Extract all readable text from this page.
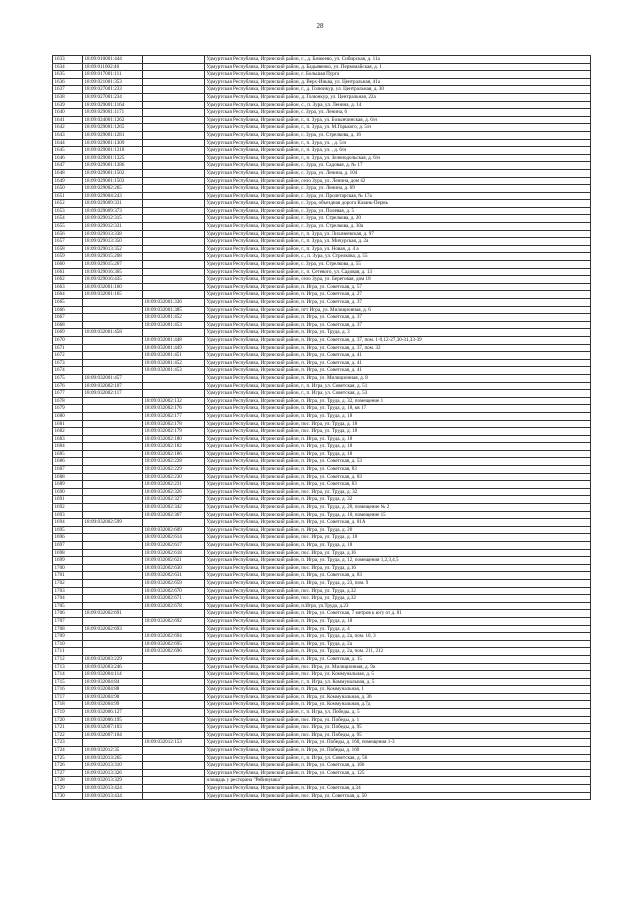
28
1633	18:09:010001:444		Удмуртская Республика, Игринский район, с., д. Бачкеево, ул. Сибирская, д. 11а
1634	18:09:011002:40		Удмуртская Республика, Игринский район, д. Бадьявенко, ул. Первомайская, д. 1
1635	18:09:017001:111		Удмуртская Республика, Игринский район, с. Большая Пурга
1636	18:09:021001:353		Удмуртская Республика, Игринский район, д. Верх-Иньва, ул. Центральная, 41а
1637	18:09:027001:233		Удмуртская Республика, Игринский район, г., д. Голюнкур, ул. Центральная, д. 30
1638	18:09:027001:234		Удмуртская Республика, Игринский район, д. Голюнкур, ул. Центральная, 22а
1639	18:09:029001:1164		Удмуртская Республика, Игринский район, с., п. Зура, ул. Ленина, д. 14
1640	18:09:029001:1171		Удмуртская Республика, Игринский район, с. Зура, ул. Ленина, 6
1641	18:09:024001:1262		Удмуртская Республика, Игринский район, г., п. Зура, ул. Бозынчинская, д. 6/н
1642	18:09:029001:1265		Удмуртская Республика, Игринский район, г., п. Зура, ул. М.Горького, д. 5/н
1643	18:09:029001:1281		Удмуртская Республика, Игринский район, с. Зура, ул. Стрелкова, д. 16
1644	18:09:029001:1309		Удмуртская Республика, Игринский район, г., п. Зура, ул. , д. 5/н
1645	18:09:029001:1318		Удмуртская Республика, Игринский район, г., п. Зура, ул. , д. 6/н
1646	18:09:029001:1325		Удмуртская Республика, Игринский район, г., п. Зура, ул. Зеленодольская, д. 6/н
1647	18:09:029001:1386		Удмуртская Республика, Игринский район, с. Зура, ул. Садовая, д. № 17
1648	18:09:029001:1502		Удмуртская Республика, Игринский район, с. Зура, ул. Ленина, д. 104
1649	18:09:029001:1503		Удмуртская Республика, Игринский район, село Зура, ул. Ленина, дом 42
1650	18:09:029002:265		Удмуртская Республика, Игринский район, с. Зура, ул. Ленина, д. 69
1651	18:09:029004:243		Удмуртская Республика, Игринский район, с. Зура, ул. Пролетарская, № 17а
1652	18:09:029009:331		Удмуртская Республика, Игринский район, с. Зура, объездная дорога Казань-Пермь
1653	18:09:029009:373		Удмуртская Республика, Игринский район, с. Зура, ул. Полевая, д. 5
1654	18:09:029012:315		Удмуртская Республика, Игринский район, с. Зура, ул. Стрелкова, д. 20
1655	18:09:029012:331		Удмуртская Республика, Игринский район, с. Зура, ул. Стрелкова, д. 30а
1656	18:09:029013:338		Удмуртская Республика, Игринский район, г., п. Зура, ул. Лихачеевская, д. 97
1657	18:09:029013:350		Удмуртская Республика, Игринский район, г., п. Зура, ул. Мичурская, д. 2а
1658	18:09:029013:352		Удмуртская Республика, Игринский район, г., п. Зура, ул. Новая, д. 4 а
1659	18:09:029015:208		Удмуртская Республика, Игринский район, с., п. Зура, ул. Стрелкова, д. 55
1660	18:09:029015:267		Удмуртская Республика, Игринский район, с. Зура, ул. Стрелкова, д. 55
1661	18:09:029016:365		Удмуртская Республика, Игринский район, г., п. Сетевого, ул. Садовая, д. 13
1662	18:09:029016:435		Удмуртская Республика, Игринский район, село Зура, ул. Береговая, дом 18
1663	18:09:032001:160		Удмуртская Республика, Игринский район, п. Игра, ул. Советская, д. 57
1664	18:09:032001:165		Удмуртская Республика, Игринский район, п. Игра, ул. Советская, д. 27
1665		18:09:032001:336	Удмуртская Республика, Игринский район, п. Игра, ул. Советская, д. 37
1666		18:09:032001:385	Удмуртская Республика, Игринский район, пгт Игра, ул. Милиционная, д. 6
1667		18:09:032001:452	Удмуртская Республика, Игринский район, п. Игра, ул. Советская, д. 37
1668		18:09:032001:453	Удмуртская Республика, Игринский район, п. Игра, ул. Советская, д. 37
1669	18:09:032001:458		Удмуртская Республика, Игринский район, п. Игра, ул. Труда, д. 3
1670		18:09:032001:448	Удмуртская Республика, Игринский район, п. Игра, ул. Советская, д. 37, пом. 1-9,12-27,30-31,33-39
1671		18:09:032001:449	Удмуртская Республика, Игринский район, п. Игра, ул. Советская, д. 37, пом. 32
1672		18:09:032001:451	Удмуртская Республика, Игринский район, п. Игра, ул. Советская, д. 41
1673		18:09:032001:452	Удмуртская Республика, Игринский район, п. Игра, ул. Советская, д. 41
1674		18:09:032001:453	Удмуртская Республика, Игринский район, п. Игра, ул. Советская, д. 41
1675	18:09:032001:457		Удмуртская Республика, Игринский район, п. Игра, ул. Милиционная, д. 8
1676	18:09:032002:107		Удмуртская Республика, Игринский район, г., п. Игра, ул. Советская, д. 51
1677	18:09:032002:117		Удмуртская Республика, Игринский район, г., п. Игра, ул. Советская, д. 53
1678		18:09:032002:132	Удмуртская Республика, Игринский район, п. Игра, ул. Труда, д. 32, помещение 1
1679		18:09:032002:176	Удмуртская Республика, Игринский район, п. Игра, ул. Труда, д. 18, кв 17
1680		18:09:032002:177	Удмуртская Республика, Игринский район, п. Игра, ул. Труда, д. 18
1681		18:09:032002:178	Удмуртская Республика, Игринский район, пос. Игра, ул. Труда, д. 18
1682		18:09:032002:179	Удмуртская Республика, Игринский район, пос. Игра, ул. Труда, д. 18
1683		18:09:032002:180	Удмуртская Республика, Игринский район, п. Игра, ул. Труда, д. 18
1684		18:09:032002:182	Удмуртская Республика, Игринский район, п. Игра, ул. Труда, д. 18
1685		18:09:032002:186	Удмуртская Республика, Игринский район, п. Игра, ул. Труда, д. 18
1686		18:09:032002:228	Удмуртская Республика, Игринский район, п. Игра, ул. Советская, д. 53
1687		18:09:032002:229	Удмуртская Республика, Игринский район, п. Игра, ул. Советская, 83
1688		18:09:032002:230	Удмуртская Республика, Игринский район, п. Игра, ул. Советская, д. 83
1689		18:09:032002:231	Удмуртская Республика, Игринский район, п. Игра, ул. Советская, 83
1690		18:09:032002:326	Удмуртская Республика, Игринский район, пос. Игра, ул. Труда, д. 32
1691		18:09:032002:327	Удмуртская Республика, Игринский район, п. Игра, ул. Труда, д. 32
1692		18:09:032002:342	Удмуртская Республика, Игринский район, п. Игра, ул. Труда, д. 20, помещение № 2
1693		18:09:032002:367	Удмуртская Республика, Игринский район, п. Игра, ул. Труда, д. 10, помещение 15
1694	18:09:032002:599		Удмуртская Республика, Игринский район, п. Игра, ул. Советская, д. 81А
1695		18:09:032002:609	Удмуртская Республика, Игринский район, п. Игра, ул. Труда, д. 20
1696		18:09:032002:614	Удмуртская Республика, Игринский район, пос. Игра, ул. Труда, д. 18
1697		18:09:032002:617	Удмуртская Республика, Игринский район, п. Игра, ул. Труда, д. 18
1698		18:09:032002:618	Удмуртская Республика, Игринский район, пос. Игра, ул. Труда, д.16
1699		18:09:032002:621	Удмуртская Республика, Игринский район, п. Игра, ул. Труда, д. 12, помещения 1,2,3,4,5
1700		18:09:032002:630	Удмуртская Республика, Игринский район, пос. Игра, ул. Труда, д.16
1701		18:09:032002:631	Удмуртская Республика, Игринский район, п. Игра, ул. Советская, д. 83
1702		18:09:032002:659	Удмуртская Республика, Игринский район, п. Игра, ул. Труда, д. 23, пом. 9
1703		18:09:032002:670	Удмуртская Республика, Игринский район, пос. Игра, ул. Труда, д.32
1704		18:09:032002:671	Удмуртская Республика, Игринский район, пос. Игра, ул. Труда, д.32
1705		18:09:032002:678	Удмуртская Республика, Игринский район, п.Игра, ул.Труда, д.23
1706	18:09:032002:691		Удмуртская Республика, Игринский район, п. Игра, ул. Советская, 7 метров к югу от д. 81
1707		18:09:032002:692	Удмуртская Республика, Игринский район, п. Игра, ул. Труда, д. 18
1708	18:09:032002:693		Удмуртская Республика, Игринский район, п. Игра, ул. Труда, д. 4
1709		18:09:032002:694	Удмуртская Республика, Игринский район, п. Игра, ул. Труда, д. 2а, пом. 10, 3
1710		18:09:032002:695	Удмуртская Республика, Игринский район, п. Игра, ул. Труда, д. 2а
1711		18:09:032002:696	Удмуртская Республика, Игринский район, п. Игра, ул. Труда, д. 2а, пом. 211, 212
1712	18:09:032003:229		Удмуртская Республика, Игринский район, п. Игра, ул. Советская, д. 15
1713	18:09:032003:246		Удмуртская Республика, Игринский район, пос. Игра, ул. Милиционная, д. 9а
1714	18:09:032004:114		Удмуртская Республика, Игринский район, пос. Игра, ул. Коммунальная, д. 5
1715	18:09:032004:84		Удмуртская Республика, Игринский район, г., п. Игра, ул. Коммунальная, д. 5
1716	18:09:032004:88		Удмуртская Республика, Игринский район, п. Игра, ул. Коммунальная, 1
1717	18:09:032004:98		Удмуртская Республика, Игринский район, п. Игра, ул. Коммунальная, д. 36
1718	18:09:032004:99		Удмуртская Республика, Игринский район, п. Игра, ул. Коммунальная, д.7д
1719	18:09:032006:127		Удмуртская Республика, Игринский район, г., п. Игра, ул. Победы, д. 5
1720	18:09:032006:195		Удмуртская Республика, Игринский район, пос. Игра, ул. Победы, д. 1
1721	18:09:032007:103		Удмуртская Республика, Игринский район, пос. Игра, ул. Победы, д. 95
1722	18:09:032007:104		Удмуртская Республика, Игринский район, пос. Игра, ул. Победы, д. 95
1723		18:09:032012:153	Удмуртская Республика, Игринский район, п. Игра, ул. Победы, д. 160, помещения 1-3
1724	18:09:032012:35		Удмуртская Республика, Игринский район, п. Игра, ул. Победы, д. 160
1725	18:09:032013:265		Удмуртская Республика, Игринский район, г., п. Игра, ул. Советская, д. 56
1726	18:09:032013:310		Удмуртская Республика, Игринский район, п. Игра, ул. Советская, д. 166
1727	18:09:032013:326		Удмуртская Республика, Игринский район, п. Игра, ул. Советская, д. 125
1728	18:09:032013:329		площадь у ресторана "Рябинушка"
1729	18:09:032013:424		Удмуртская Республика, Игринский район, п. Игра, ул. Советская, д.34
1730	18:09:032013:434		Удмуртская Республика, Игринский район, пос. Игра, ул. Советская, д. 50
